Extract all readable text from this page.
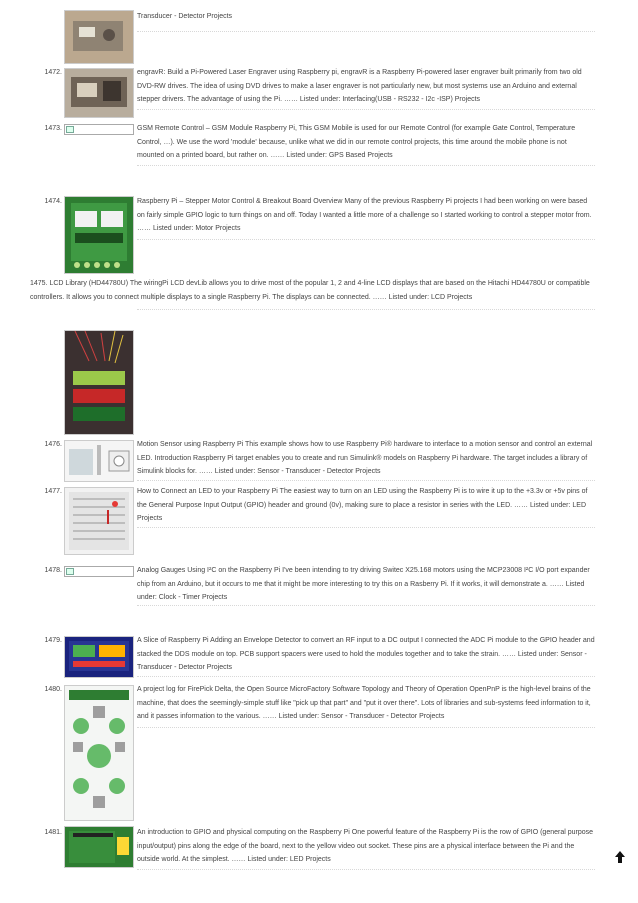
Transducer - Detector Projects
1472.	engravR: Build a Pi-Powered Laser Engraver using Raspberry pi, engravR is a Raspberry Pi-powered laser engraver built primarily from two old DVD-RW drives. The idea of using DVD drives to make a laser engraver is not particularly new, but most systems use an Arduino and external stepper drivers. The advantage of using the Pi. …… Listed under: Interfacing(USB - RS232 - I2c -ISP) Projects
1473.	GSM Remote Control – GSM Module Raspberry Pi, This GSM Mobile is used for our Remote Control (for example Gate Control, Temperature Control, …). We use the word 'module' because, unlike what we did in our remote control projects, this time around the mobile phone is not mounted on a printed board, but rather on. …… Listed under: GPS Based Projects
1474.	Raspberry Pi – Stepper Motor Control & Breakout Board Overview Many of the previous Raspberry Pi projects I had been working on were based on fairly simple GPIO logic to turn things on and off. Today I wanted a little more of a challenge so I started working to control a stepper motor from. …… Listed under: Motor Projects
1475. LCD Library (HD44780U) The wiringPi LCD devLib allows you to drive most of the popular 1, 2 and 4-line LCD displays that are based on the Hitachi HD44780U or compatible controllers. It allows you to connect multiple displays to a single Raspberry Pi. The displays can be connected. …… Listed under: LCD Projects
1476.	Motion Sensor using Raspberry Pi This example shows how to use Raspberry Pi® hardware to interface to a motion sensor and control an external LED. Introduction Raspberry Pi target enables you to create and run Simulink® models on Raspberry Pi hardware. The target includes a library of Simulink blocks for. …… Listed under: Sensor - Transducer - Detector Projects
1477.	How to Connect an LED to your Raspberry Pi The easiest way to turn on an LED using the Raspberry Pi is to wire it up to the +3.3v or +5v pins of the General Purpose Input Output (GPIO) header and ground (0v), making sure to place a resistor in series with the LED. …… Listed under: LED Projects
1478.	Analog Gauges Using I²C on the Raspberry Pi I've been intending to try driving Switec X25.168 motors using the MCP23008 I²C I/O port expander chip from an Arduino, but it occurs to me that it might be more interesting to try this on a Rasberry Pi. If it works, it will demonstrate a. …… Listed under: Clock - Timer Projects
1479.	A Slice of Raspberry Pi Adding an Envelope Detector to convert an RF input to a DC output I connected the ADC Pi module to the GPIO header and stacked the DDS module on top. PCB support spacers were used to hold the modules together and to take the strain. …… Listed under: Sensor - Transducer - Detector Projects
1480.	A project log for FirePick Delta, the Open Source MicroFactory Software Topology and Theory of Operation OpenPnP is the high-level brains of the machine, that does the seemingly-simple stuff like "pick up that part" and "put it over there". Lots of libraries and sub-systems feed information to it, and it passes information to the various. …… Listed under: Sensor - Transducer - Detector Projects
1481.	An introduction to GPIO and physical computing on the Raspberry Pi One powerful feature of the Raspberry Pi is the row of GPIO (general purpose input/output) pins along the edge of the board, next to the yellow video out socket. These pins are a physical interface between the Pi and the outside world. At the simplest. …… Listed under: LED Projects
